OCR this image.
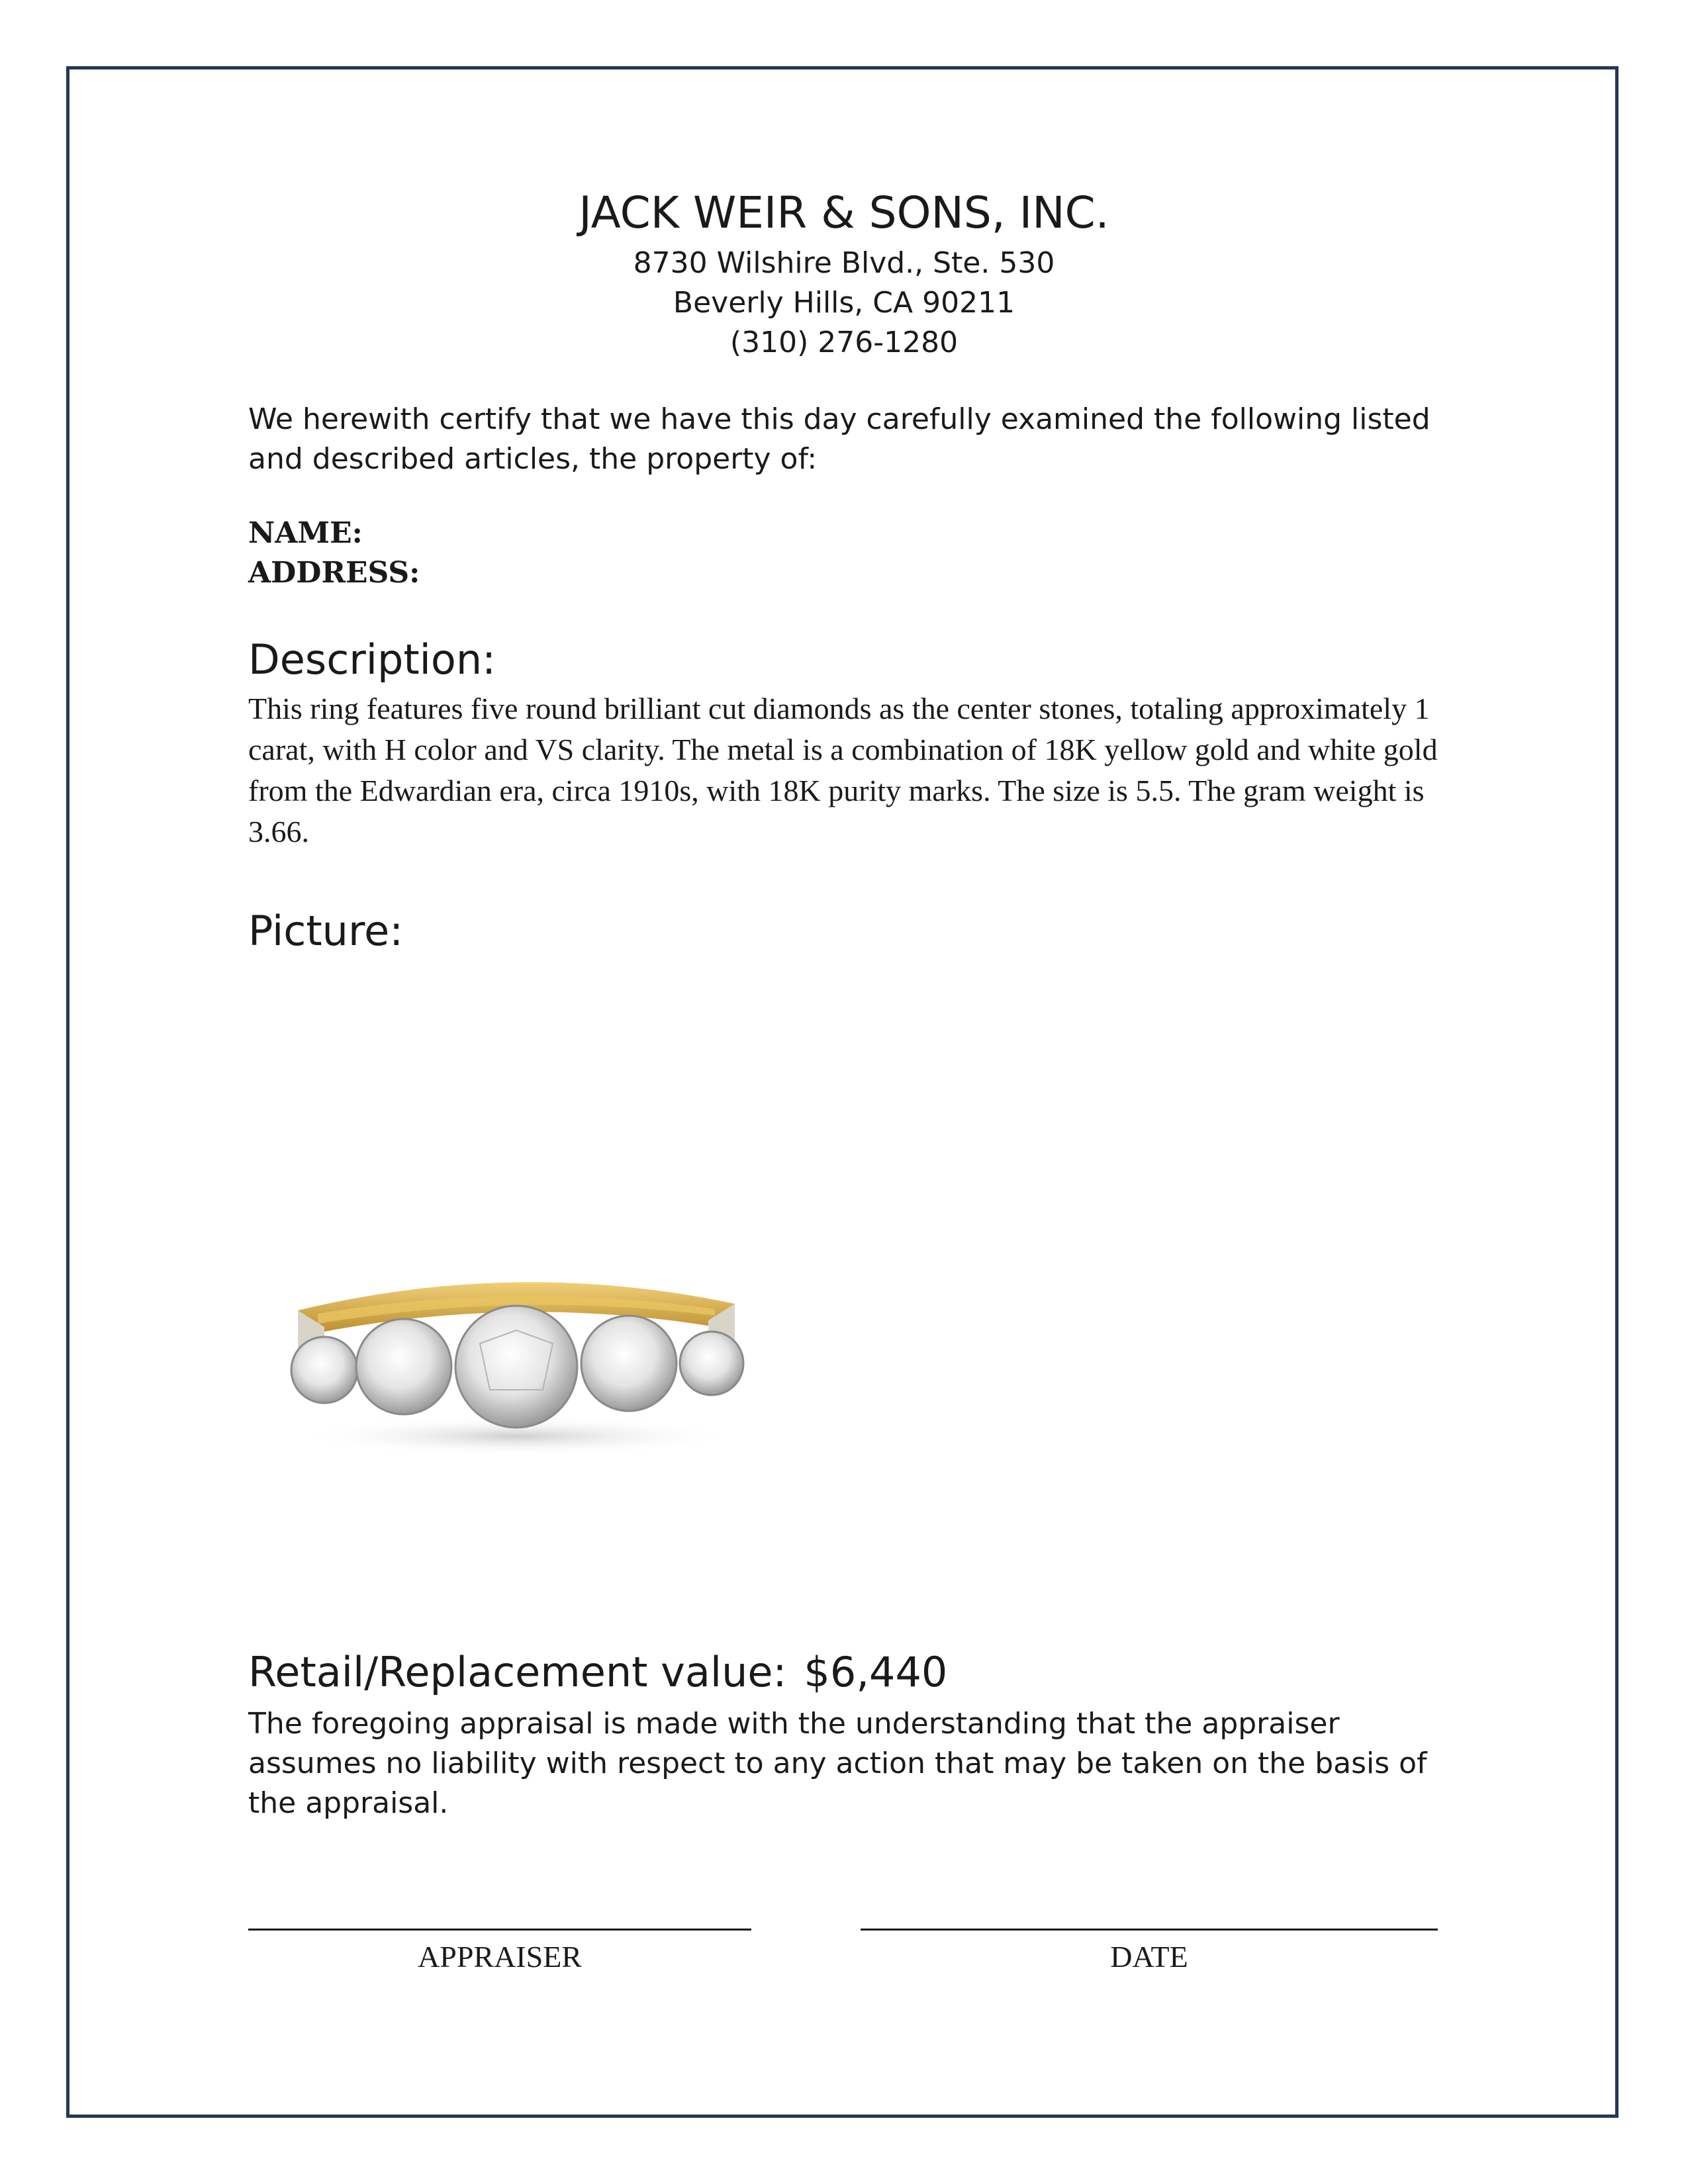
JACK WEIR & SONS, INC.
8730 Wilshire Blvd., Ste. 530
Beverly Hills, CA 90211
(310) 276-1280
We herewith certify that we have this day carefully examined the following listed and described articles, the property of:
NAME:
ADDRESS:
Description:
This ring features five round brilliant cut diamonds as the center stones, totaling approximately 1 carat, with H color and VS clarity. The metal is a combination of 18K yellow gold and white gold from the Edwardian era, circa 1910s, with 18K purity marks. The size is 5.5. The gram weight is 3.66.
Picture:
Retail/Replacement value: $6,440
The foregoing appraisal is made with the understanding that the appraiser assumes no liability with respect to any action that may be taken on the basis of the appraisal.
APPRAISER	DATE
